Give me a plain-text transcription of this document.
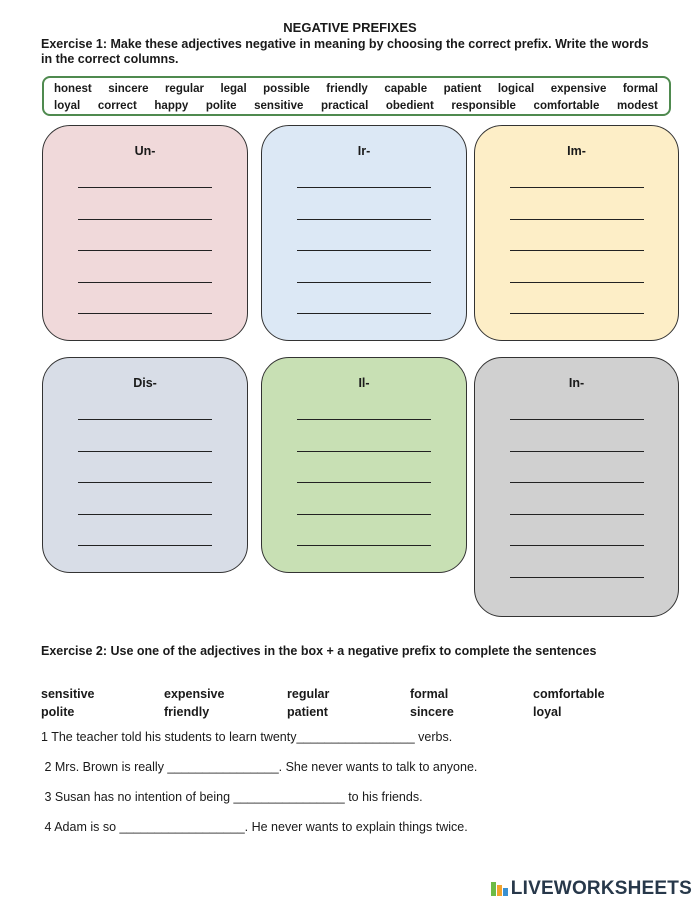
NEGATIVE PREFIXES
Exercise 1: Make these adjectives negative in meaning by choosing the correct prefix. Write the words in the correct columns.
honest sincere regular legal possible friendly capable patient logical expensive formal
loyal correct happy polite sensitive practical obedient responsible comfortable modest
Un-	Ir-	Im-
Dis-	Il-	In-
Exercise 2: Use one of the adjectives in the box + a negative prefix to complete the sentences
sensitive	expensive	regular	formal	comfortable
polite	friendly	patient	sincere	loyal
1 The teacher told his students to learn twenty_________________ verbs.
2 Mrs. Brown is really ________________. She never wants to talk to anyone.
3 Susan has no intention of being ________________ to his friends.
4 Adam is so __________________. He never wants to explain things twice.
LIVEWORKSHEETS
